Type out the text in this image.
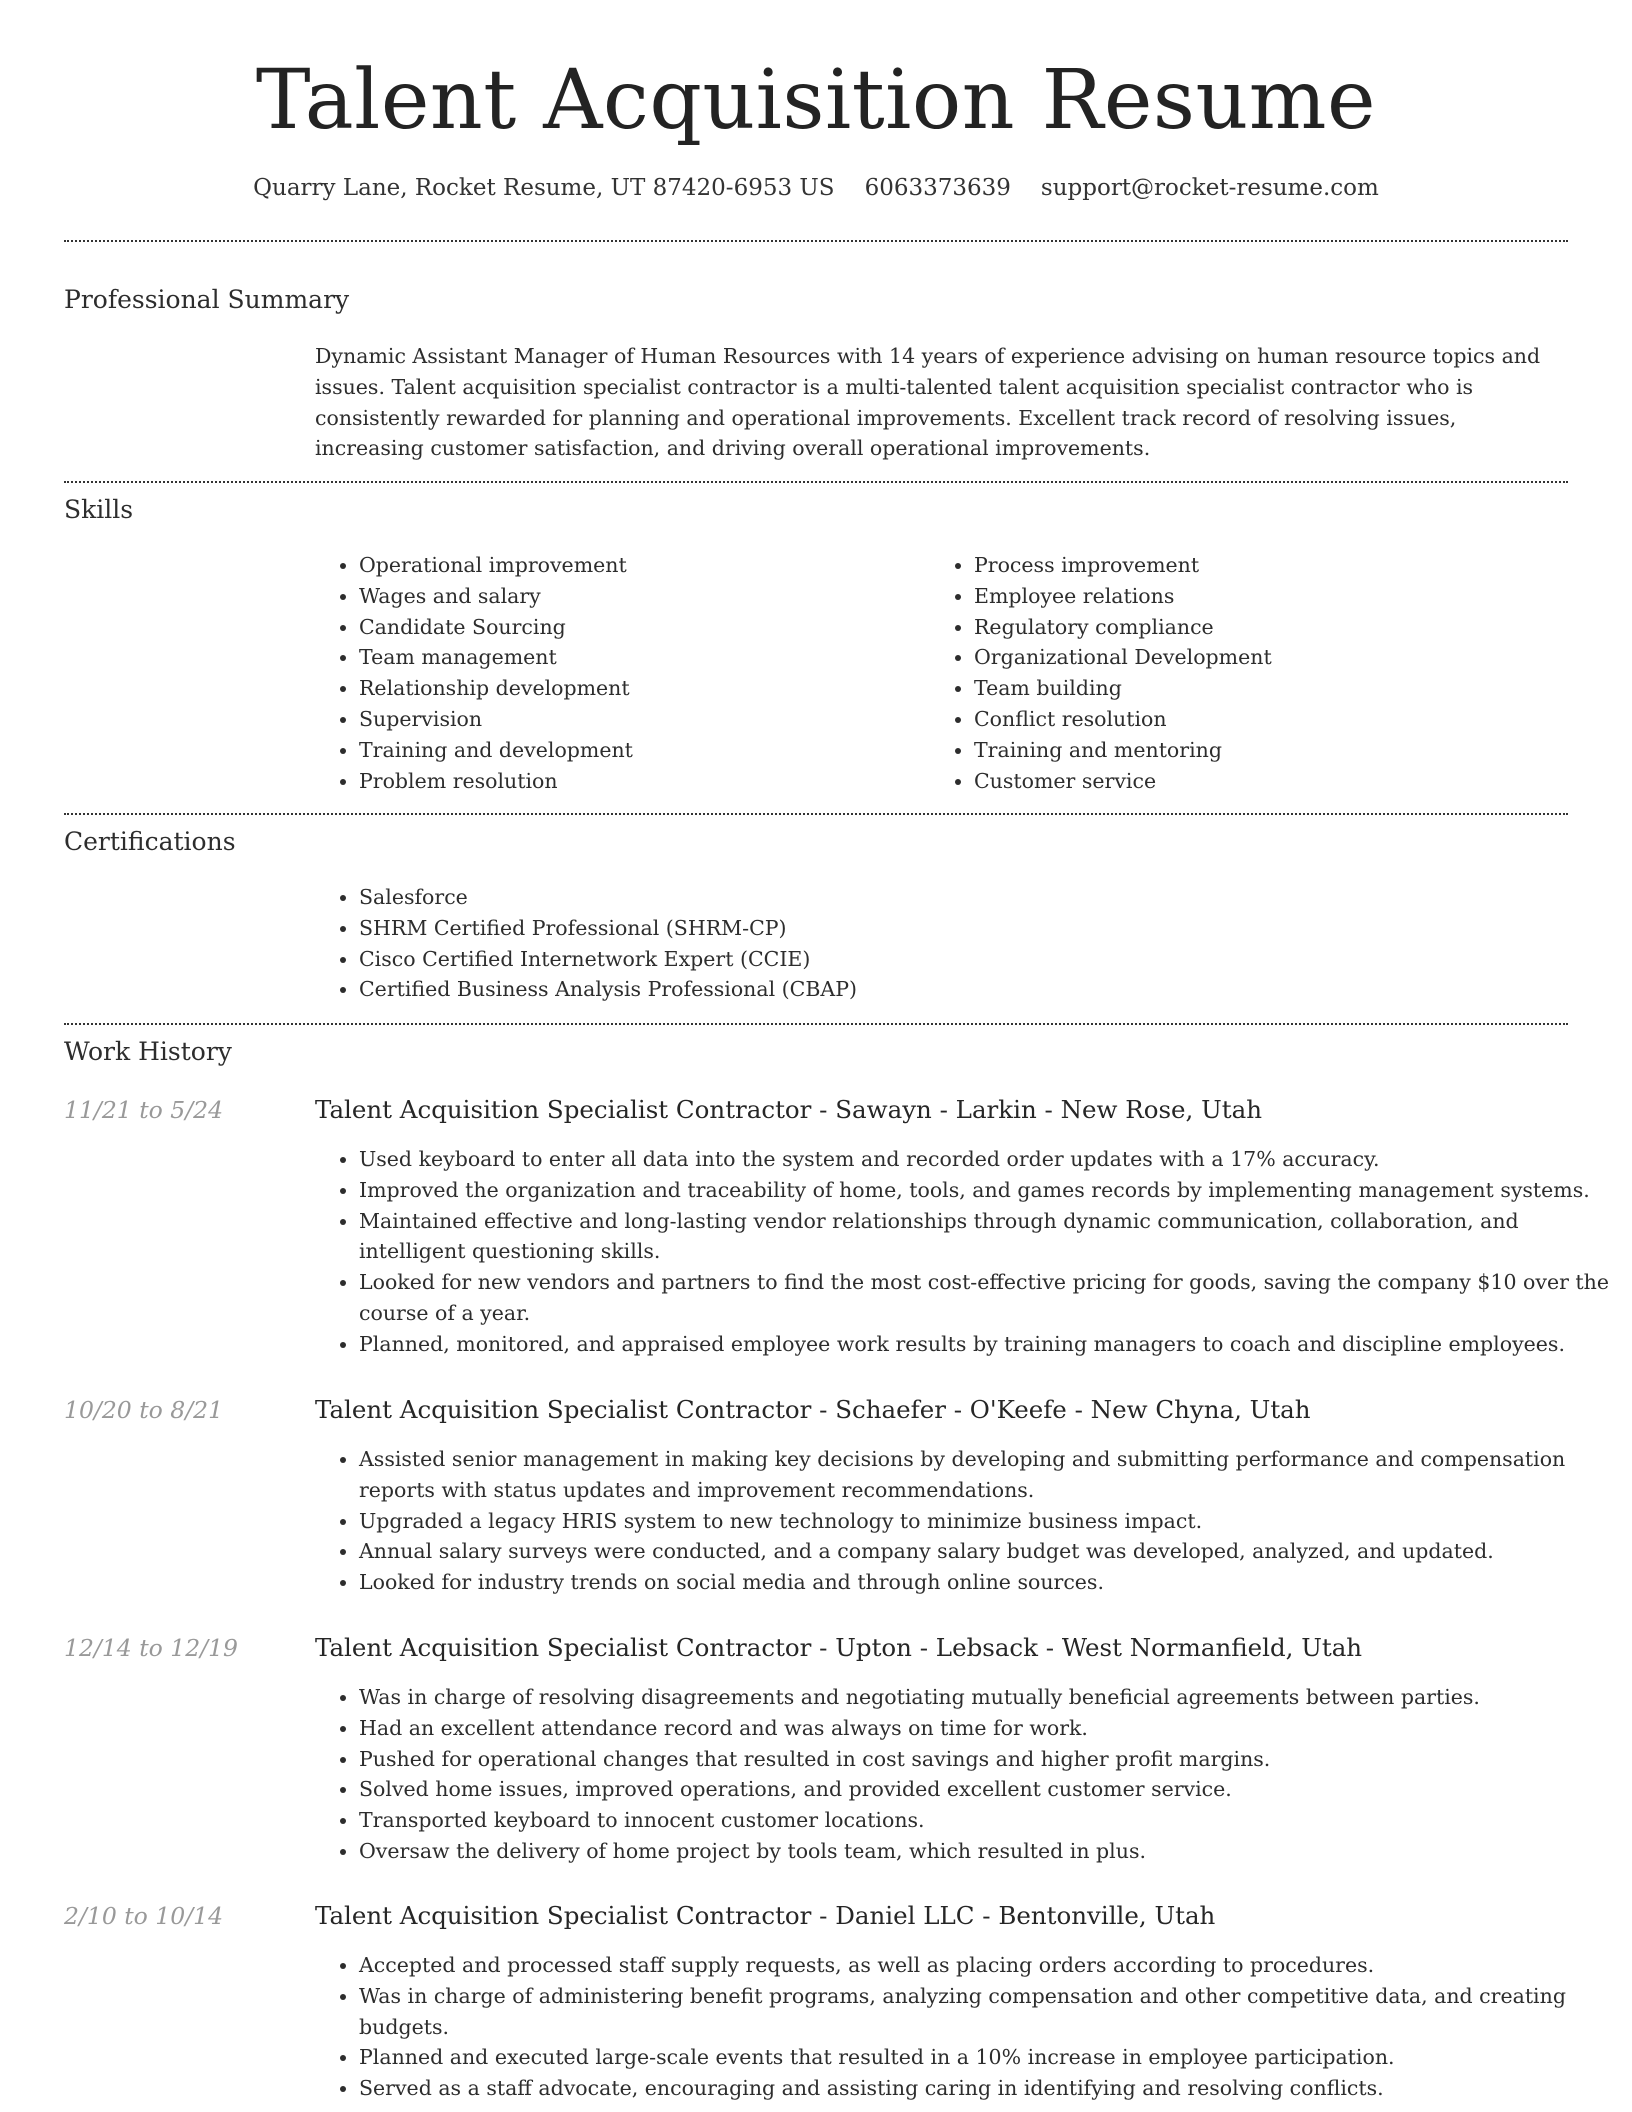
Talent Acquisition Resume
Quarry Lane, Rocket Resume, UT 87420-6953 US 6063373639 support@rocket-resume.com
Professional Summary

Dynamic Assistant Manager of Human Resources with 14 years of experience advising on human resource topics and issues. Talent acquisition specialist contractor is a multi-talented talent acquisition specialist contractor who is consistently rewarded for planning and operational improvements. Excellent track record of resolving issues, increasing customer satisfaction, and driving overall operational improvements.

Skills
• Operational improvement
• Wages and salary
• Candidate Sourcing
• Team management
• Relationship development
• Supervision
• Training and development
• Problem resolution
• Process improvement
• Employee relations
• Regulatory compliance
• Organizational Development
• Team building
• Conflict resolution
• Training and mentoring
• Customer service
Certifications
• Salesforce
• SHRM Certified Professional (SHRM-CP)
• Cisco Certified Internetwork Expert (CCIE)
• Certified Business Analysis Professional (CBAP)
Work History
11/21 to 5/24	Talent Acquisition Specialist Contractor - Sawayn - Larkin - New Rose, Utah
• Used keyboard to enter all data into the system and recorded order updates with a 17% accuracy.
• Improved the organization and traceability of home, tools, and games records by implementing management systems.
• Maintained effective and long-lasting vendor relationships through dynamic communication, collaboration, and intelligent questioning skills.
• Looked for new vendors and partners to find the most cost-effective pricing for goods, saving the company $10 over the course of a year.
• Planned, monitored, and appraised employee work results by training managers to coach and discipline employees.
10/20 to 8/21	Talent Acquisition Specialist Contractor - Schaefer - O'Keefe - New Chyna, Utah
• Assisted senior management in making key decisions by developing and submitting performance and compensation reports with status updates and improvement recommendations.
• Upgraded a legacy HRIS system to new technology to minimize business impact.
• Annual salary surveys were conducted, and a company salary budget was developed, analyzed, and updated.
• Looked for industry trends on social media and through online sources.
12/14 to 12/19	Talent Acquisition Specialist Contractor - Upton - Lebsack - West Normanfield, Utah
• Was in charge of resolving disagreements and negotiating mutually beneficial agreements between parties.
• Had an excellent attendance record and was always on time for work.
• Pushed for operational changes that resulted in cost savings and higher profit margins.
• Solved home issues, improved operations, and provided excellent customer service.
• Transported keyboard to innocent customer locations.
• Oversaw the delivery of home project by tools team, which resulted in plus.
2/10 to 10/14	Talent Acquisition Specialist Contractor - Daniel LLC - Bentonville, Utah
• Accepted and processed staff supply requests, as well as placing orders according to procedures.
• Was in charge of administering benefit programs, analyzing compensation and other competitive data, and creating budgets.
• Planned and executed large-scale events that resulted in a 10% increase in employee participation.
• Served as a staff advocate, encouraging and assisting caring in identifying and resolving conflicts.
